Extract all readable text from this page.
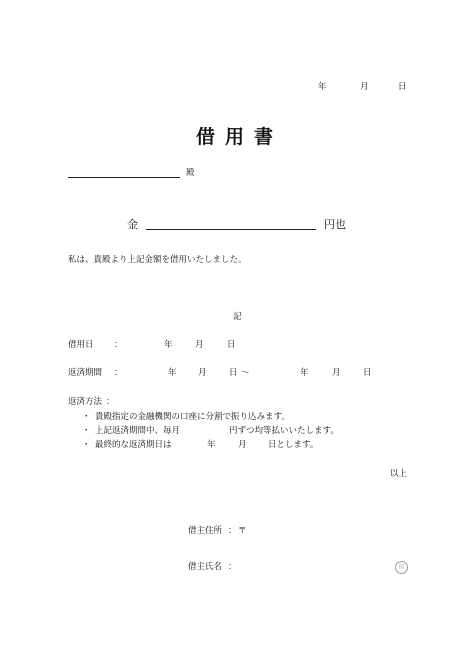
年	月	日
借用書
殿
金	円也
私は、貴殿より上記金額を借用いたしました。
記
借用日 ：	年	月	日
返済期間 ：	年	月	日 ～	年	月	日
返済方法 ：
・ 貴殿指定の金融機関の口座に分割で振り込みます。
・ 上記返済期間中、毎月	円ずつ均等払いいたします。
・ 最終的な返済期日は	年	月	日とします。
以上
借主住所 ： 〒
借主氏名 ：	印
